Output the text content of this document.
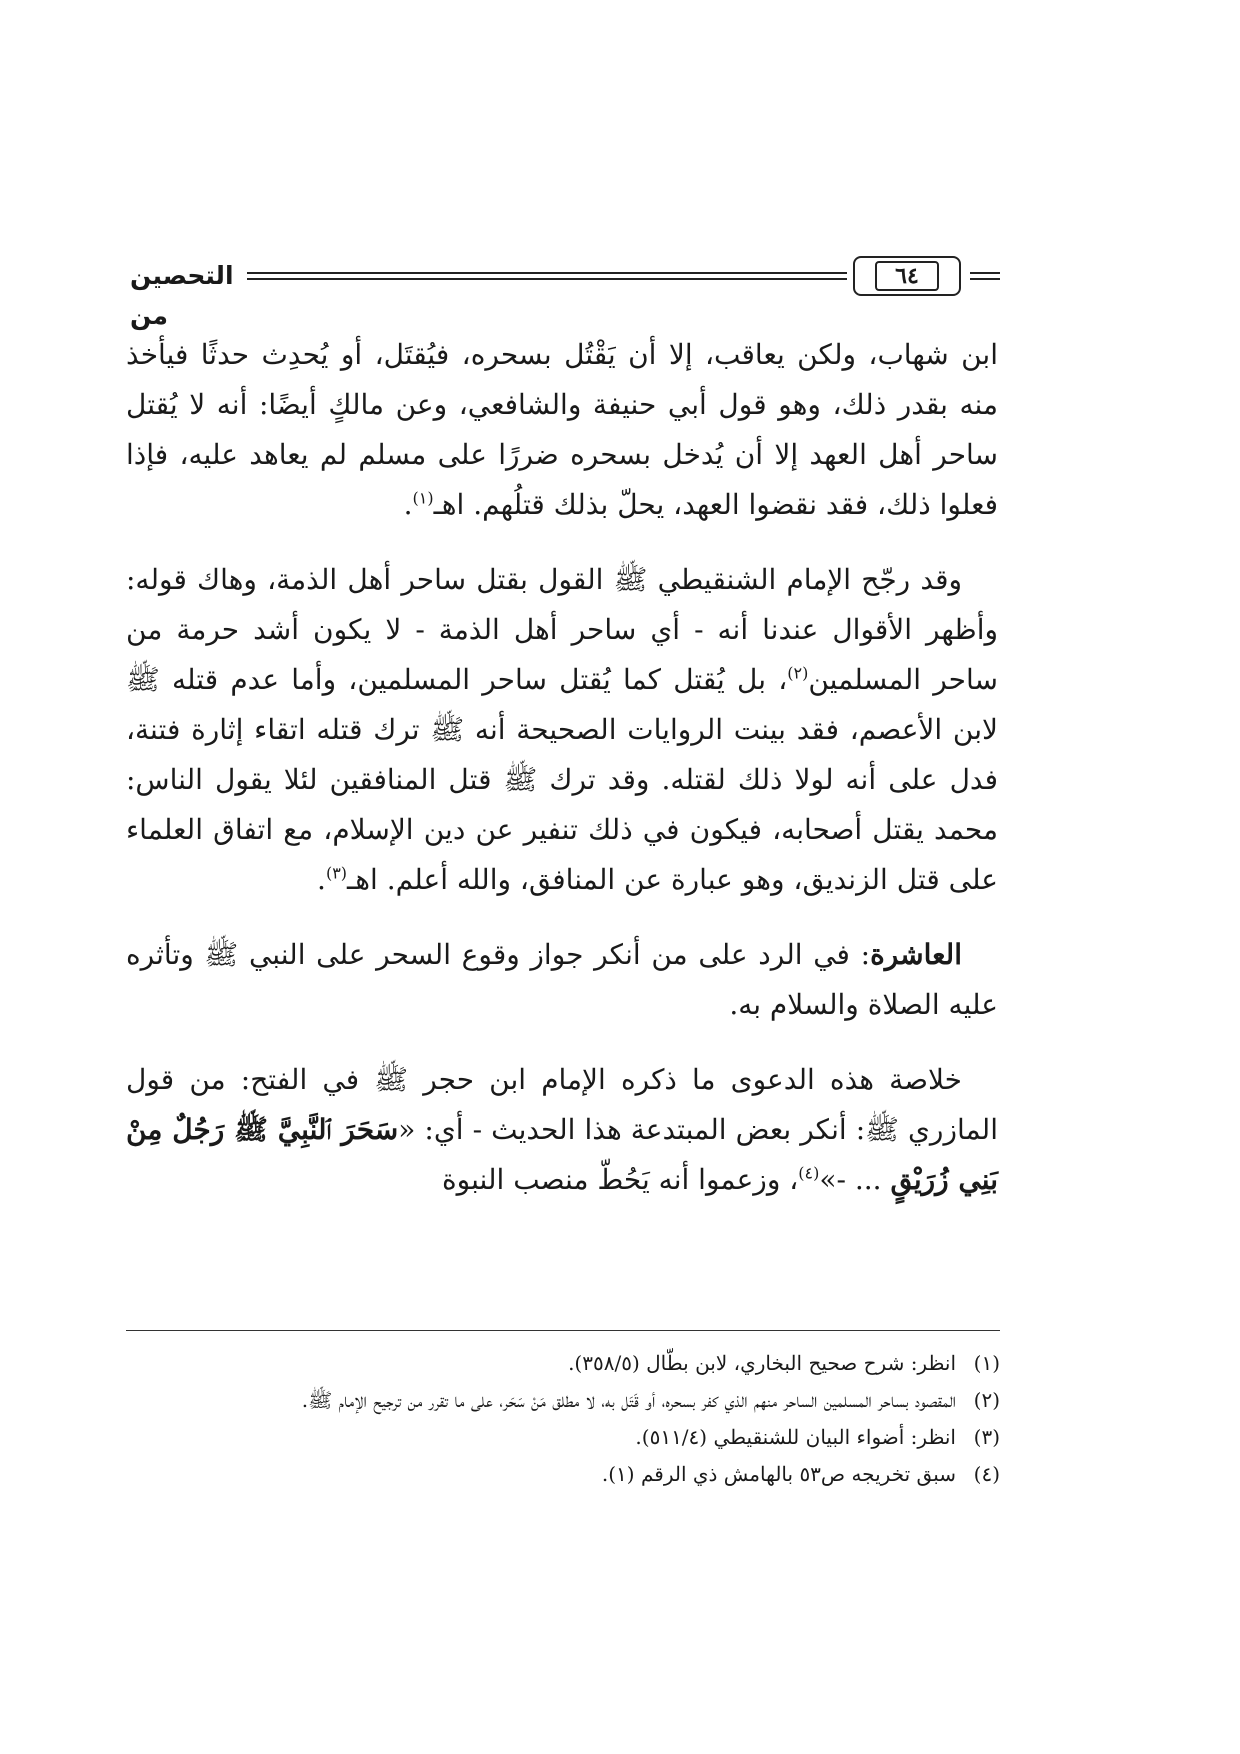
التحصين من
٦٤

ابن شهاب، ولكن يعاقب، إلا أن يَقْتُل بسحره، فيُقتَل، أو يُحدِث حدثًا فيأخذ منه بقدر ذلك، وهو قول أبي حنيفة والشافعي، وعن مالكٍ أيضًا: أنه لا يُقتل ساحر أهل العهد إلا أن يُدخل بسحره ضررًا على مسلم لم يعاهد عليه، فإذا فعلوا ذلك، فقد نقضوا العهد، يحلّ بذلك قتلُهم. اهـ$^{(١)}$.

وقد رجّح الإمام الشنقيطي ﷺ القول بقتل ساحر أهل الذمة، وهاك قوله: وأظهر الأقوال عندنا أنه - أي ساحر أهل الذمة - لا يكون أشد حرمة من ساحر المسلمين$^{(٢)}$، بل يُقتل كما يُقتل ساحر المسلمين، وأما عدم قتله ﷺ لابن الأعصم، فقد بينت الروايات الصحيحة أنه ﷺ ترك قتله اتقاء إثارة فتنة، فدل على أنه لولا ذلك لقتله. وقد ترك ﷺ قتل المنافقين لئلا يقول الناس: محمد يقتل أصحابه، فيكون في ذلك تنفير عن دين الإسلام، مع اتفاق العلماء على قتل الزنديق، وهو عبارة عن المنافق، والله أعلم. اهـ$^{(٣)}$.

العاشرة: في الرد على من أنكر جواز وقوع السحر على النبي ﷺ وتأثره عليه الصلاة والسلام به.

خلاصة هذه الدعوى ما ذكره الإمام ابن حجر ﷺ في الفتح: من قول المازري ﷺ: أنكر بعض المبتدعة هذا الحديث - أي: «سَحَرَ ٱلنَّبِيَّ ﷺ رَجُلٌ مِنْ بَنِي زُرَيْقٍ ... -»$^{(٤)}$، وزعموا أنه يَحُطّ منصب النبوة

(١)
انظر: شرح صحيح البخاري، لابن بطّال (٣٥٨/٥).

(٢)
المقصود بساحر المسلمين الساحر منهم الذي كفر بسحره، أو قَتَل به، لا مطلق مَنْ سَحَر، على ما تقرر من ترجيح الإمام ﷺ.

(٣)
انظر: أضواء البيان للشنقيطي (٥١١/٤).

(٤)
سبق تخريجه ص٥٣ بالهامش ذي الرقم (١).
